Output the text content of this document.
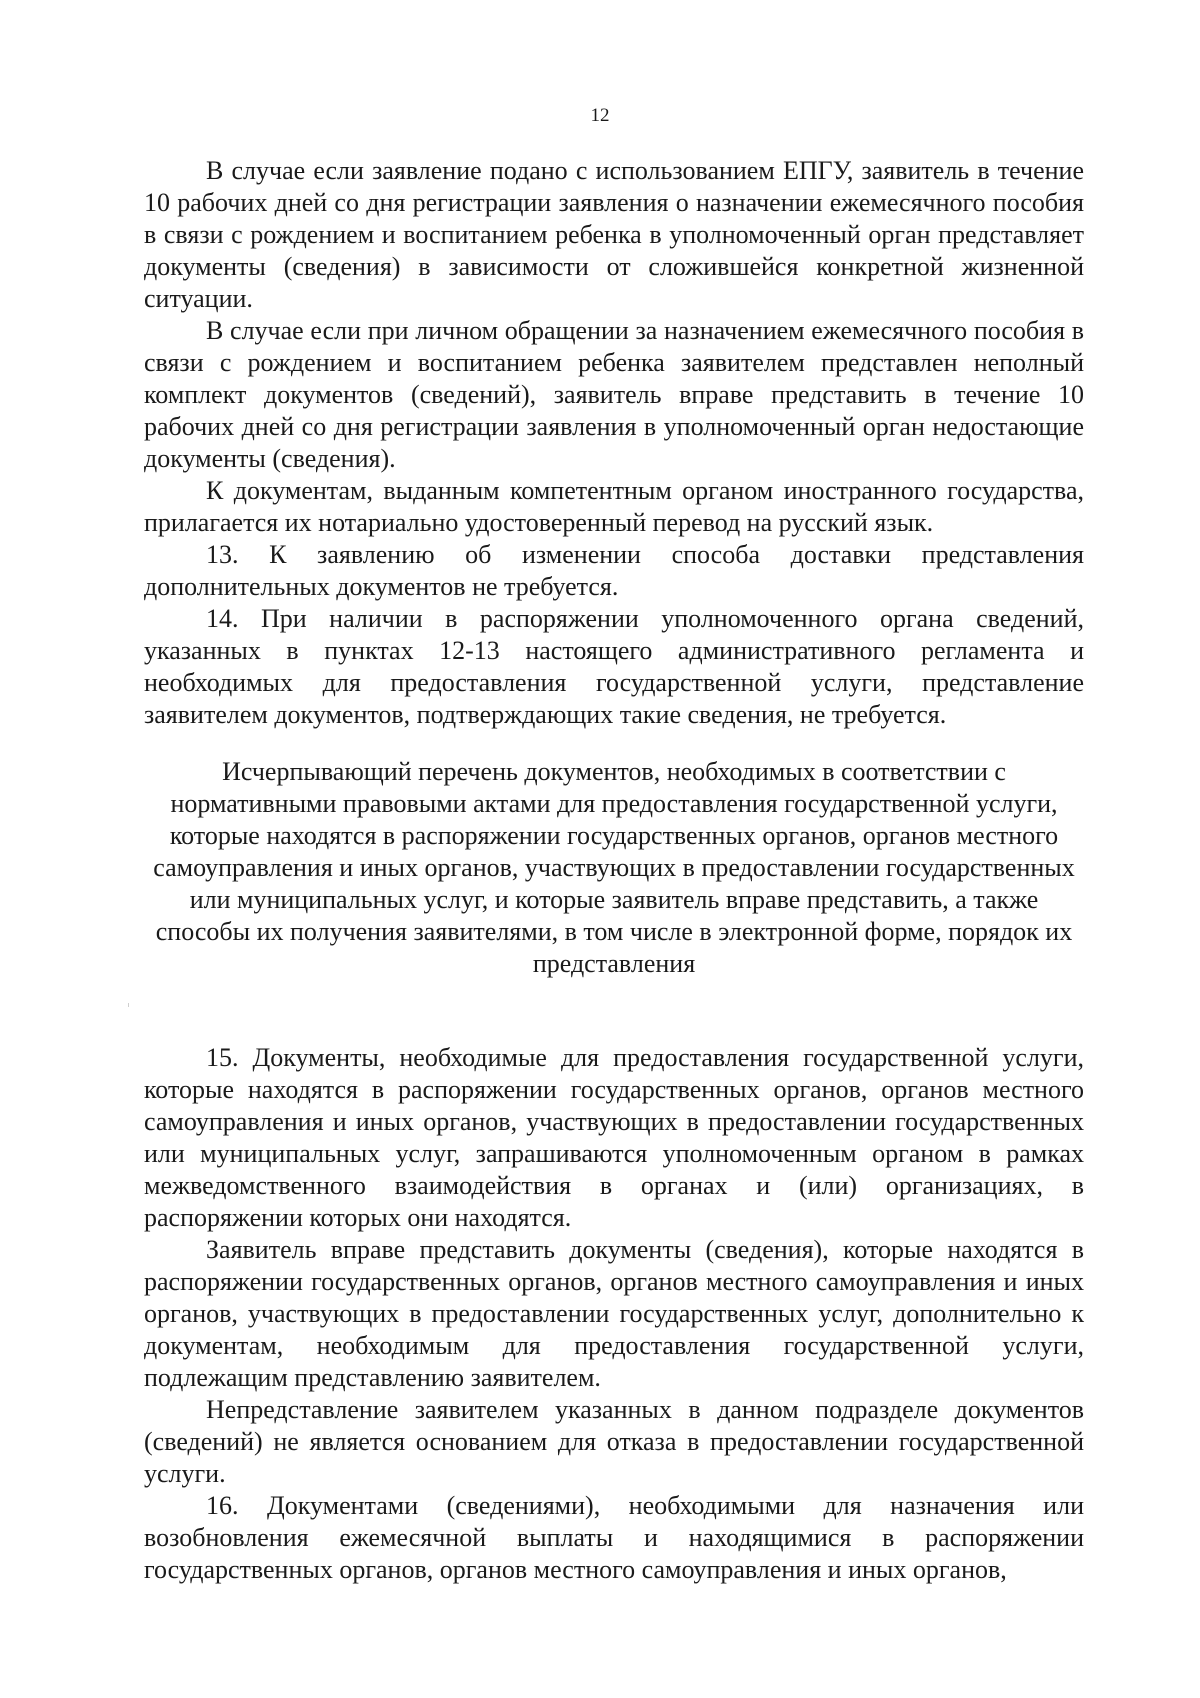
12

В случае если заявление подано с использованием ЕПГУ, заявитель в течение 10 рабочих дней со дня регистрации заявления о назначении ежемесячного пособия в связи с рождением и воспитанием ребенка в уполномоченный орган представляет документы (сведения) в зависимости от сложившейся конкретной жизненной ситуации.

В случае если при личном обращении за назначением ежемесячного пособия в связи с рождением и воспитанием ребенка заявителем представлен неполный комплект документов (сведений), заявитель вправе представить в течение 10 рабочих дней со дня регистрации заявления в уполномоченный орган недостающие документы (сведения).

К документам, выданным компетентным органом иностранного государства, прилагается их нотариально удостоверенный перевод на русский язык.

13. К заявлению об изменении способа доставки представления дополнительных документов не требуется.

14. При наличии в распоряжении уполномоченного органа сведений, указанных в пунктах 12-13 настоящего административного регламента и необходимых для предоставления государственной услуги, представление заявителем документов, подтверждающих такие сведения, не требуется.

Исчерпывающий перечень документов, необходимых в соответствии с нормативными правовыми актами для предоставления государственной услуги, которые находятся в распоряжении государственных органов, органов местного самоуправления и иных органов, участвующих в предоставлении государственных или муниципальных услуг, и которые заявитель вправе представить, а также способы их получения заявителями, в том числе в электронной форме, порядок их представления

15. Документы, необходимые для предоставления государственной услуги, которые находятся в распоряжении государственных органов, органов местного самоуправления и иных органов, участвующих в предоставлении государственных или муниципальных услуг, запрашиваются уполномоченным органом в рамках межведомственного взаимодействия в органах и (или) организациях, в распоряжении которых они находятся.

Заявитель вправе представить документы (сведения), которые находятся в распоряжении государственных органов, органов местного самоуправления и иных органов, участвующих в предоставлении государственных услуг, дополнительно к документам, необходимым для предоставления государственной услуги, подлежащим представлению заявителем.

Непредставление заявителем указанных в данном подразделе документов (сведений) не является основанием для отказа в предоставлении государственной услуги.

16. Документами (сведениями), необходимыми для назначения или возобновления ежемесячной выплаты и находящимися в распоряжении государственных органов, органов местного самоуправления и иных органов,
